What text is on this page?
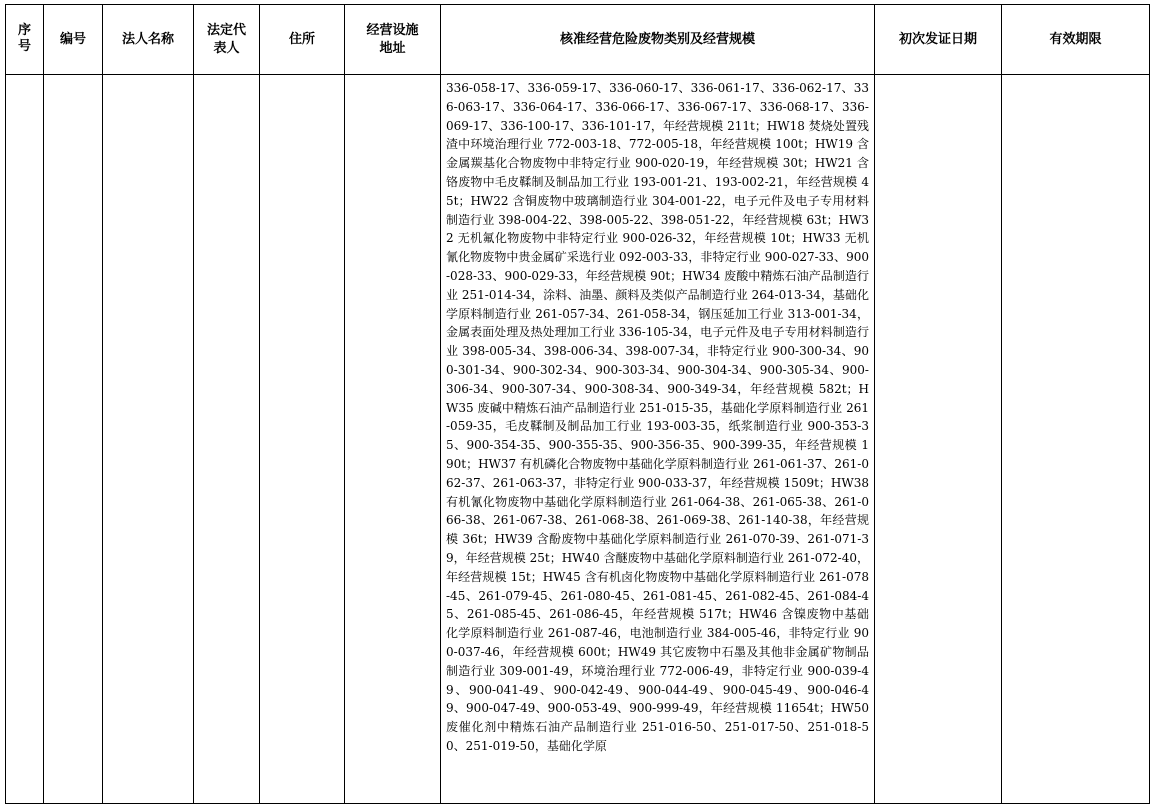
序号	编号	法人名称	法定代表人	住所	经营设施地址	核准经营危险废物类别及经营规模	初次发证日期	有效期限
						336-058-17、336-059-17、336-060-17、336-061-17、336-062-17、336-063-17、336-064-17、336-066-17、336-067-17、336-068-17、336-069-17、336-100-17、336-101-17，年经营规模 211t；HW18 焚烧处置残渣中环境治理行业 772-003-18、772-005-18，年经营规模 100t；HW19 含金属羰基化合物废物中非特定行业 900-020-19，年经营规模 30t；HW21 含铬废物中毛皮鞣制及制品加工行业 193-001-21、193-002-21，年经营规模 45t；HW22 含铜废物中玻璃制造行业 304-001-22，电子元件及电子专用材料制造行业 398-004-22、398-005-22、398-051-22，年经营规模 63t；HW32 无机氟化物废物中非特定行业 900-026-32，年经营规模 10t；HW33 无机氰化物废物中贵金属矿采选行业 092-003-33，非特定行业 900-027-33、900-028-33、900-029-33，年经营规模 90t；HW34 废酸中精炼石油产品制造行业 251-014-34，涂料、油墨、颜料及类似产品制造行业 264-013-34，基础化学原料制造行业 261-057-34、261-058-34，钢压延加工行业 313-001-34，金属表面处理及热处理加工行业 336-105-34，电子元件及电子专用材料制造行业 398-005-34、398-006-34、398-007-34，非特定行业 900-300-34、900-301-34、900-302-34、900-303-34、900-304-34、900-305-34、900-306-34、900-307-34、900-308-34、900-349-34，年经营规模 582t；HW35 废碱中精炼石油产品制造行业 251-015-35，基础化学原料制造行业 261-059-35，毛皮鞣制及制品加工行业 193-003-35，纸浆制造行业 900-353-35、900-354-35、900-355-35、900-356-35、900-399-35，年经营规模 190t；HW37 有机磷化合物废物中基础化学原料制造行业 261-061-37、261-062-37、261-063-37，非特定行业 900-033-37，年经营规模 1509t；HW38 有机氰化物废物中基础化学原料制造行业 261-064-38、261-065-38、261-066-38、261-067-38、261-068-38、261-069-38、261-140-38，年经营规模 36t；HW39 含酚废物中基础化学原料制造行业 261-070-39、261-071-39，年经营规模 25t；HW40 含醚废物中基础化学原料制造行业 261-072-40，年经营规模 15t；HW45 含有机卤化物废物中基础化学原料制造行业 261-078-45、261-079-45、261-080-45、261-081-45、261-082-45、261-084-45、261-085-45、261-086-45，年经营规模 517t；HW46 含镍废物中基础化学原料制造行业 261-087-46，电池制造行业 384-005-46，非特定行业 900-037-46，年经营规模 600t；HW49 其它废物中石墨及其他非金属矿物制品制造行业 309-001-49，环境治理行业 772-006-49，非特定行业 900-039-49、900-041-49、900-042-49、900-044-49、900-045-49、900-046-49、900-047-49、900-053-49、900-999-49，年经营规模 11654t；HW50 废催化剂中精炼石油产品制造行业 251-016-50、251-017-50、251-018-50、251-019-50，基础化学原		
